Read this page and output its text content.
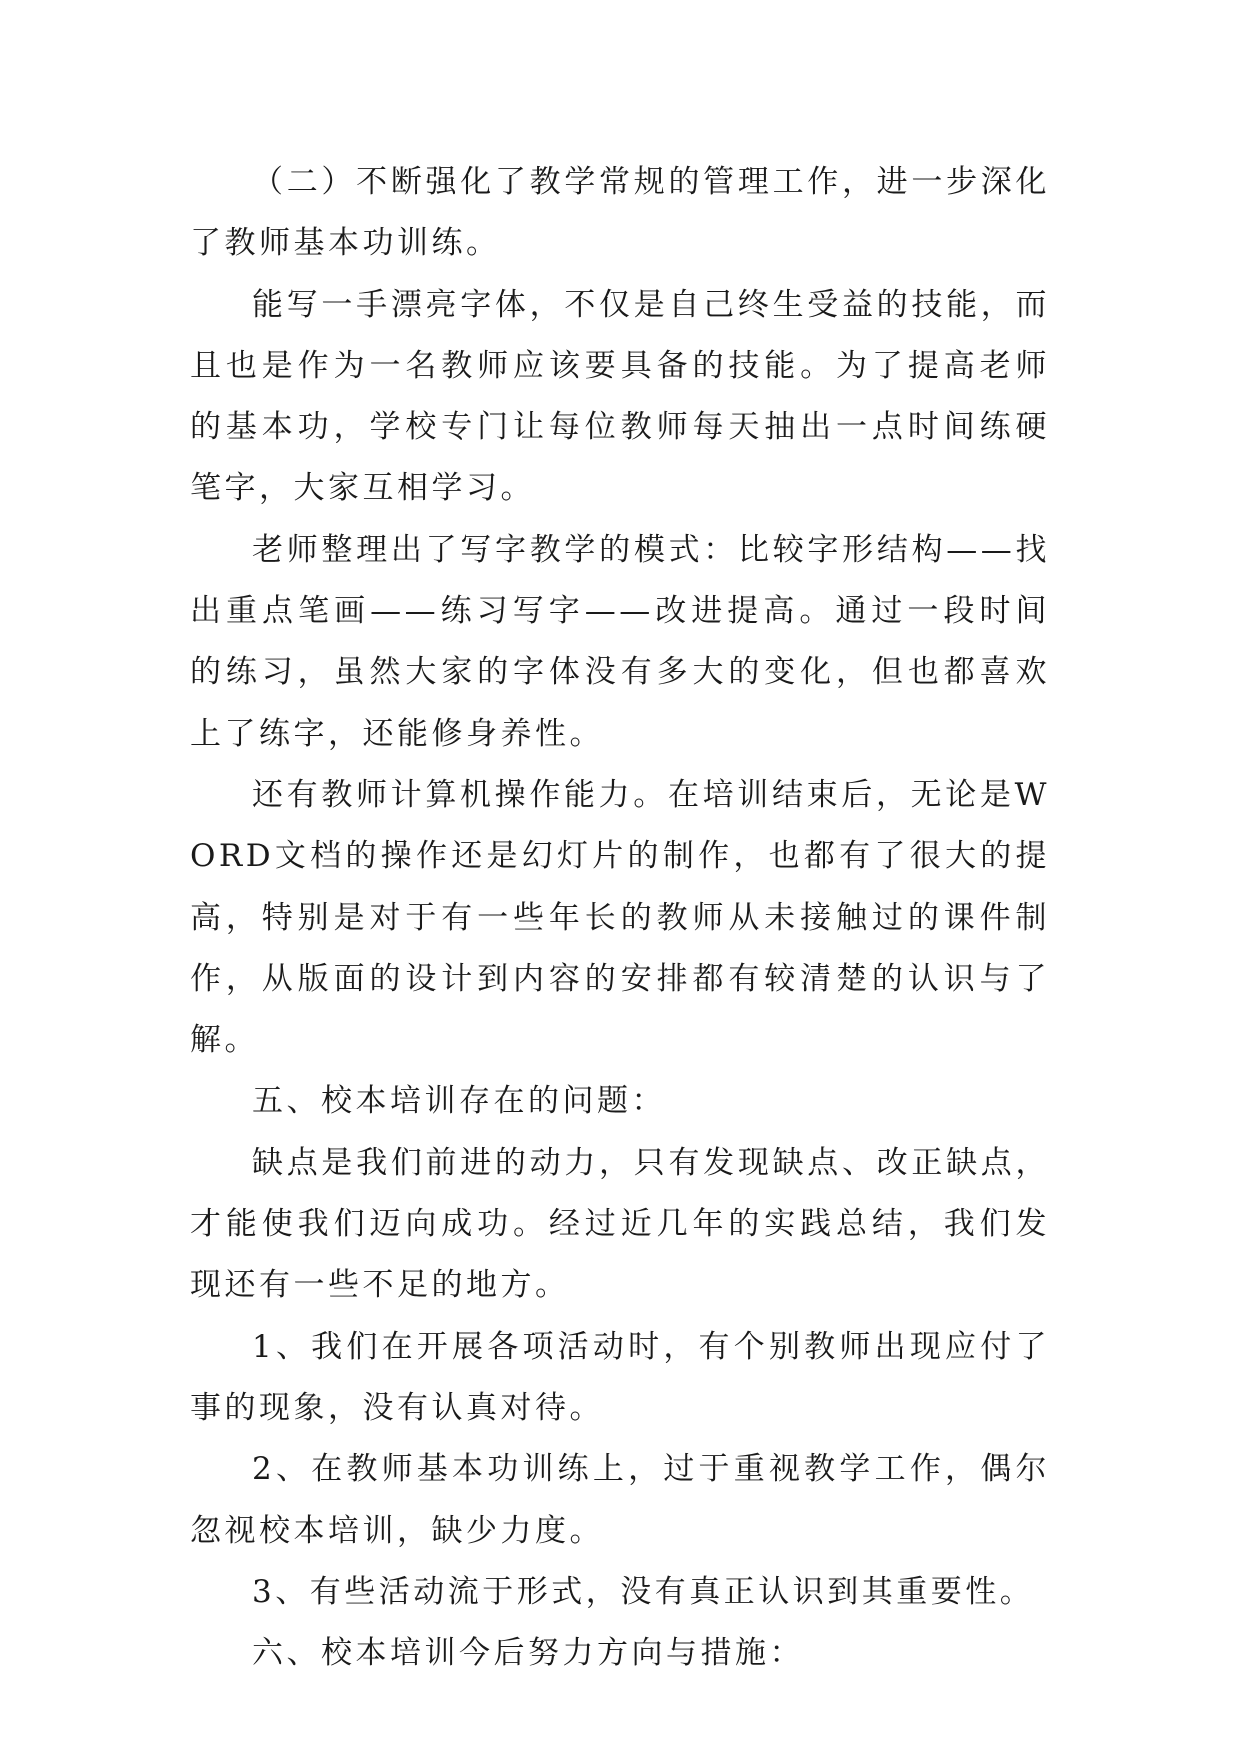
（二）不断强化了教学常规的管理工作，进一步深化了教师基本功训练。

能写一手漂亮字体，不仅是自己终生受益的技能，而且也是作为一名教师应该要具备的技能。为了提高老师的基本功，学校专门让每位教师每天抽出一点时间练硬笔字，大家互相学习。

老师整理出了写字教学的模式：比较字形结构——找出重点笔画——练习写字——改进提高。通过一段时间的练习，虽然大家的字体没有多大的变化，但也都喜欢上了练字，还能修身养性。

还有教师计算机操作能力。在培训结束后，无论是WORD文档的操作还是幻灯片的制作，也都有了很大的提高，特别是对于有一些年长的教师从未接触过的课件制作，从版面的设计到内容的安排都有较清楚的认识与了解。

五、校本培训存在的问题：

缺点是我们前进的动力，只有发现缺点、改正缺点，才能使我们迈向成功。经过近几年的实践总结，我们发现还有一些不足的地方。

1、我们在开展各项活动时，有个别教师出现应付了事的现象，没有认真对待。

2、在教师基本功训练上，过于重视教学工作，偶尔忽视校本培训，缺少力度。

3、有些活动流于形式，没有真正认识到其重要性。

六、校本培训今后努力方向与措施：
